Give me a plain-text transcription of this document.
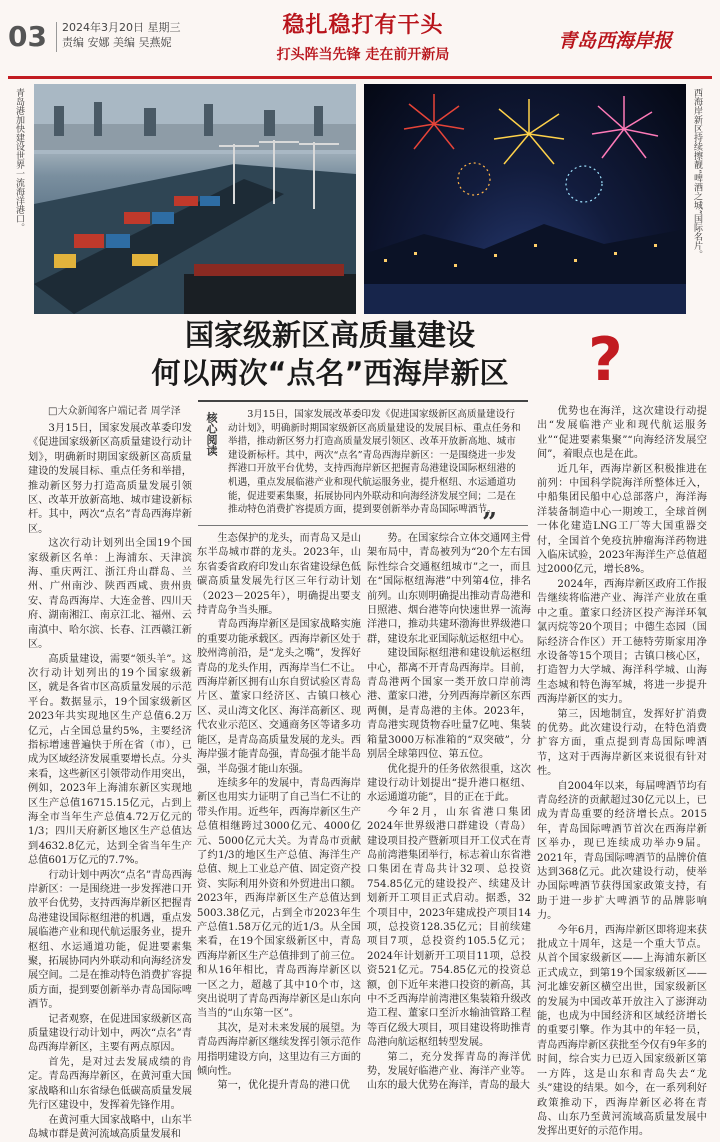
03 2024年3月20日 星期三
责编 安娜 美编 吴燕妮
稳扎稳打有干头
打头阵当先锋 走在前开新局
青岛西海岸报
青岛港加快建设世界一流海洋港口。	西海岸新区持续擦靓“啤酒之城”国际名片。
国家级新区高质量建设
何以两次“点名”西海岸新区	?
□大众新闻客户端记者 周学泽
核心阅读	3月15日，国家发展改革委印发《促进国家级新区高质量建设行动计划》，明确新时期国家级新区高质量建设的发展目标、重点任务和举措，推动新区努力打造高质量发展引领区、改革开放新高地、城市建设新标杆。其中，两次“点名”青岛西海岸新区：一是围绕进一步发挥港口开放平台优势，支持西海岸新区把握青岛港建设国际枢纽港的机遇，重点发展临港产业和现代航运服务业，提升枢纽、水运通道功能，促进要素集聚，拓展协同内外联动和向海经济发展空间；二是在推动特色消费扩容提质方面，提到要创新举办青岛国际啤酒节。
”

3月15日，国家发展改革委印发《促进国家级新区高质量建设行动计划》，明确新时期国家级新区高质量建设的发展目标、重点任务和举措，推动新区努力打造高质量发展引领区、改革开放新高地、城市建设新标杆。其中，两次“点名”青岛西海岸新区。

这次行动计划列出全国19个国家级新区名单：上海浦东、天津滨海、重庆两江、浙江舟山群岛、兰州、广州南沙、陕西西咸、贵州贵安、青岛西海岸、大连金普、四川天府、湖南湘江、南京江北、福州、云南滇中、哈尔滨、长春、江西赣江新区。

高质量建设，需要“领头羊”。这次行动计划列出的19个国家级新区，就是各省市区高质量发展的示范平台。数据显示，19个国家级新区2023年共实现地区生产总值6.2万亿元，占全国总量约5%，主要经济指标增速普遍快于所在省（市），已成为区域经济发展重要增长点。分头来看，这些新区引领带动作用突出，例如，2023年上海浦东新区实现地区生产总值16715.15亿元，占到上海全市当年生产总值4.72万亿元的1/3；四川天府新区地区生产总值达到4632.8亿元，达到全省当年生产总值601万亿元的7.7%。

行动计划中两次“点名”青岛西海岸新区：一是围绕进一步发挥港口开放平台优势，支持西海岸新区把握青岛港建设国际枢纽港的机遇，重点发展临港产业和现代航运服务业，提升枢纽、水运通道功能，促进要素集聚，拓展协同内外联动和向海经济发展空间。二是在推动特色消费扩容提质方面，提到要创新举办青岛国际啤酒节。

记者观察，在促进国家级新区高质量建设行动计划中，两次“点名”青岛西海岸新区，主要有两点原因。

首先，是对过去发展成绩的肯定。青岛西海岸新区，在黄河重大国家战略和山东省绿色低碳高质量发展先行区建设中，发挥着先锋作用。

在黄河重大国家战略中，山东半岛城市群是黄河流域高质量发展和

生态保护的龙头，而青岛又是山东半岛城市群的龙头。2023年，山东省委省政府印发山东省建设绿色低碳高质量发展先行区三年行动计划（2023－2025年），明确提出要支持青岛争当头雁。

青岛西海岸新区是国家战略实施的重要功能承载区。西海岸新区处于胶州湾前沿，是“龙头之嘴”，发挥好青岛的龙头作用，西海岸当仁不让。西海岸新区拥有山东自贸试验区青岛片区、董家口经济区、古镇口核心区、灵山湾文化区、海洋高新区、现代农业示范区、交通商务区等诸多功能区，是青岛高质量发展的龙头。西海岸强才能青岛强，青岛强才能半岛强，半岛强才能山东强。

连续多年的发展中，青岛西海岸新区也用实力证明了自己当仁不让的带头作用。近些年，西海岸新区生产总值相继跨过3000亿元、4000亿元、5000亿元大关。为青岛市贡献了约1/3的地区生产总值、海洋生产总值、规上工业总产值、固定资产投资、实际利用外资和外贸进出口额。2023年，西海岸新区生产总值达到5003.38亿元，占到全市2023年生产总值1.58万亿元的近1/3。从全国来看，在19个国家级新区中，青岛西海岸新区生产总值排到了前三位。和从16年相比，青岛西海岸新区以一区之力，超越了其中10个市，这突出说明了青岛西海岸新区是山东向当当的“山东第一区”。

其次，是对未来发展的展望。为青岛西海岸新区继续发挥引领示范作用指明建设方向，这里边有三方面的倾向性。

第一，优化提升青岛的港口优

势。在国家综合立体交通网主骨架布局中，青岛被列为“20个左右国际性综合交通枢纽城市”之一，而且在“国际枢纽海港”中列第4位，排名前列。山东则明确提出推动青岛港和日照港、烟台港等向快速世界一流海洋港口，推动共建环渤海世界级港口群，建设东北亚国际航运枢纽中心。

建设国际枢纽港和建设航运枢纽中心，都离不开青岛西海岸。目前，青岛港两个国家一类开放口岸前湾港、董家口港，分列西海岸新区东西两侧，是青岛港的主体。2023年，青岛港实现货物吞吐量7亿吨、集装箱量3000万标准箱的“双突破”，分别居全球第四位、第五位。

优化提升的任务依然很重，这次建设行动计划提出“提升港口枢纽、水运通道功能”，目的正在于此。

今年2月，山东省港口集团2024年世界级港口群建设（青岛）建设项目投产暨新项目开工仪式在青岛前湾港集团举行，标志着山东省港口集团在青岛共计32项、总投资754.85亿元的建设投产、续建及计划新开工项目正式启动。据悉，32个项目中，2023年建成投产项目14项，总投资128.35亿元；目前续建项目7项，总投资约105.5亿元；2024年计划新开工项目11项，总投资521亿元。754.85亿元的投资总额，创下近年来港口投资的新高，其中不乏西海岸前湾港区集装箱升级改造工程、董家口至沂水输油管路工程等百亿级大项目，项目建设将助推青岛港向航运枢纽转型发展。

第二，充分发挥青岛的海洋优势，发展好临港产业、海洋产业等。山东的最大优势在海洋，青岛的最大

优势也在海洋，这次建设行动提出“发展临港产业和现代航运服务业”“促进要素集聚”“向海经济发展空间”，着眼点也是在此。

近几年，西海岸新区积极推进在前列：中国科学院海洋所整体迁入，中船集团民船中心总部落户，海洋海洋装备制造中心一期竣工，全球首例一体化建造LNG工厂等大国重器交付，全国首个免疫抗肿瘤海洋药物进入临床试验，2023年海洋生产总值超过2000亿元，增长8%。

2024年，西海岸新区政府工作报告继续将临港产业、海洋产业放在重中之重。董家口经济区投产海洋环氧氯丙烷等20个项目；中德生态园（国际经济合作区）开工徳特劳斯家用净水设备等15个项目；古镇口核心区，打造智力大学城、海洋科学城、山海生态城和特色海军城，将进一步提升西海岸新区的实力。

第三，因地制宜，发挥好扩消费的优势。此次建设行动，在特色消费扩容方面，重点提到青岛国际啤酒节，这对于西海岸新区来说很有针对性。

自2004年以来，每届啤酒节均有青岛经济的贡献超过30亿元以上，已成为青岛重要的经济增长点。2015年，青岛国际啤酒节首次在西海岸新区举办，现已连续成功举办9届。2021年，青岛国际啤酒节的品牌价值达到368亿元。此次建设行动，使举办国际啤酒节获得国家政策支持，有助于进一步扩大啤酒节的品牌影响力。

今年6月，西海岸新区即将迎来获批成立十周年，这是一个重大节点。从首个国家级新区——上海浦东新区正式成立，到第19个国家级新区——河北雄安新区横空出世，国家级新区的发展为中国改革开放注入了澎湃动能，也成为中国经济和区域经济增长的重要引擎。作为其中的年轻一员，青岛西海岸新区获批至今仅有9年多的时间，综合实力已迈入国家级新区第一方阵，这是山东和青岛失去“龙头”建设的结果。如今，在一系列利好政策推动下，西海岸新区必将在青岛、山东乃至黄河流域高质量发展中发挥出更好的示范作用。
